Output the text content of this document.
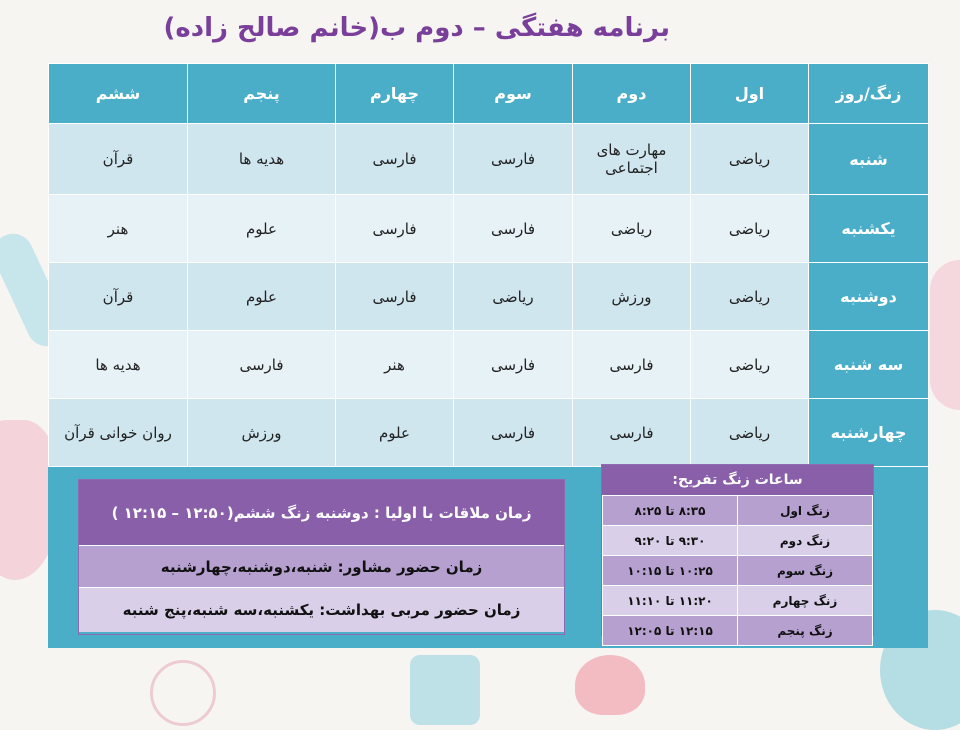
برنامه هفتگی – دوم ب(خانم صالح زاده)
زنگ/روز	اول	دوم	سوم	چهارم	پنجم	ششم
شنبه	ریاضی	مهارت های اجتماعی	فارسی	فارسی	هدیه ها	قرآن
یکشنبه	ریاضی	ریاضی	فارسی	فارسی	علوم	هنر
دوشنبه	ریاضی	ورزش	ریاضی	فارسی	علوم	قرآن
سه شنبه	ریاضی	فارسی	فارسی	هنر	فارسی	هدیه ها
چهارشنبه	ریاضی	فارسی	فارسی	علوم	ورزش	روان خوانی قرآن
زمان ملاقات با اولیا : دوشنبه زنگ ششم(۱۲:۵۰ – ۱۲:۱۵ )
زمان حضور مشاور: شنبه،دوشنبه،چهارشنبه
زمان حضور مربی بهداشت: یکشنبه،سه شنبه،پنج شنبه
ساعات زنگ تفریح:
زنگ اول	۸:۳۵ تا ۸:۲۵
زنگ دوم	۹:۳۰ تا ۹:۲۰
زنگ سوم	۱۰:۲۵ تا ۱۰:۱۵
زنگ چهارم	۱۱:۲۰ تا ۱۱:۱۰
زنگ پنجم	۱۲:۱۵ تا ۱۲:۰۵
